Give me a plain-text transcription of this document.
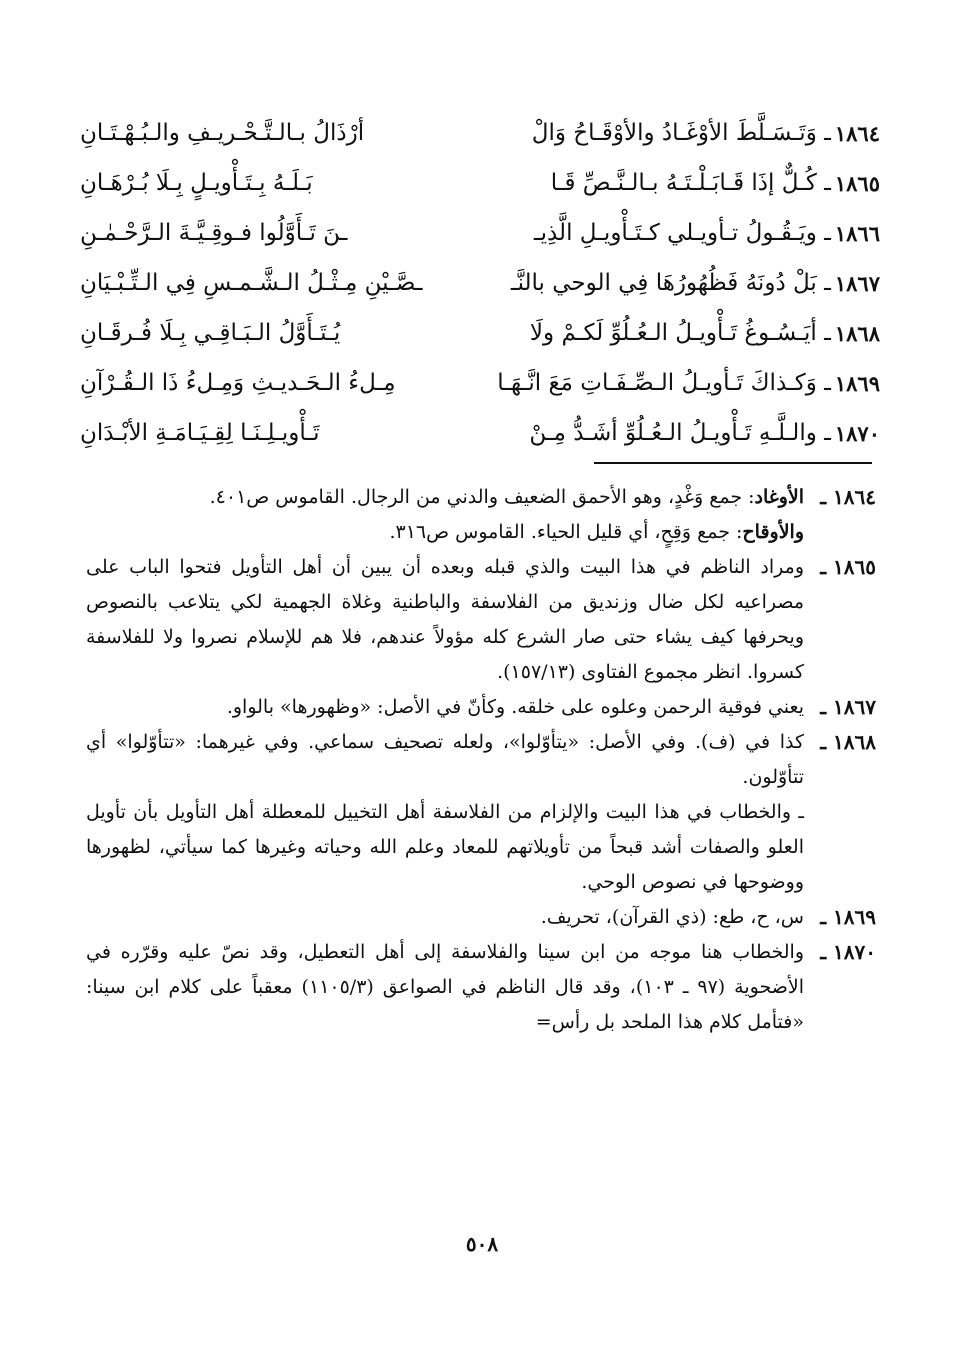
١٨٦٤
ـ وَتَـسَـلَّطَ الأوْغَـادُ والأوْقَـاحُ وَالْ
أرْذَالُ بـالـتَّـحْـريـفِ والـبُـهْـتَـانِ
١٨٦٥
ـ كُـلٌّ إذَا قَـابَـلْـتَـهُ بـالـنَّـصِّ قَـا
بَـلَـهُ بِـتَـأْويـلٍ بِـلَا بُـرْهَـانِ
١٨٦٦
ـ ويَـقُـولُ تـأويـلي كـتَـأْويـلِ الَّذِيـ
ـنَ تَـأَوَّلُوا فـوقِـيَّـةَ الـرَّحْـمٰـنِ
١٨٦٧
ـ بَلْ دُونَهُ فَظُهُورُهَا فِي الوحي بالنَّـ
ـصَّـيْنِ مِـثْـلُ الـشَّـمـسِ فِي الـتِّـبْـيَانِ
١٨٦٨
ـ أيَـسُـوغُ تَـأْويـلُ الـعُـلُوِّ لَكـمْ ولَا
يُـتَـأَوَّلُ الـبَـاقِـي بِـلَا فُـرقَـانِ
١٨٦٩
ـ وَكـذاكَ تَـأويـلُ الـصِّـفَـاتِ مَعَ انَّـهَـا
مِـلءُ الـحَـديـثِ وَمِـلءُ ذَا الـقُـرْآنِ
١٨٧٠
ـ والـلَّـهِ تَـأْويـلُ الـعُـلُوِّ أشَـدُّ مِـنْ
تَـأْويـلِـنَـا لِقِـيَـامَـةِ الأبْـدَانِ
١٨٦٤ ـ
الأوغاد: جمع وَغْدٍ، وهو الأحمق الضعيف والدني من الرجال. القاموس ص٤٠١.
والأوقاح: جمع وَقِحٍ، أي قليل الحياء. القاموس ص٣١٦.
١٨٦٥ ـ
ومراد الناظم في هذا البيت والذي قبله وبعده أن يبين أن أهل التأويل فتحوا الباب على مصراعيه لكل ضال وزنديق من الفلاسفة والباطنية وغلاة الجهمية لكي يتلاعب بالنصوص ويحرفها كيف يشاء حتى صار الشرع كله مؤولاً عندهم، فلا هم للإسلام نصروا ولا للفلاسفة كسروا. انظر مجموع الفتاوى (١٥٧/١٣).
١٨٦٧ ـ
يعني فوقية الرحمن وعلوه على خلقه. وكأنّ في الأصل: «وظهورها» بالواو.
١٨٦٨ ـ
كذا في (ف). وفي الأصل: «يتأوّلوا»، ولعله تصحيف سماعي. وفي غيرهما: «تتأوّلوا» أي تتأوّلون.
ـ والخطاب في هذا البيت والإلزام من الفلاسفة أهل التخييل للمعطلة أهل التأويل بأن تأويل العلو والصفات أشد قبحاً من تأويلاتهم للمعاد وعلم الله وحياته وغيرها كما سيأتي، لظهورها ووضوحها في نصوص الوحي.
١٨٦٩ ـ
س، ح، طع: (ذي القرآن)، تحريف.
١٨٧٠ ـ
والخطاب هنا موجه من ابن سينا والفلاسفة إلى أهل التعطيل، وقد نصّ عليه وقرّره في الأضحوية (٩٧ ـ ١٠٣)، وقد قال الناظم في الصواعق (١١٠٥/٣) معقباً على كلام ابن سينا: «فتأمل كلام هذا الملحد بل رأس=
٥٠٨
